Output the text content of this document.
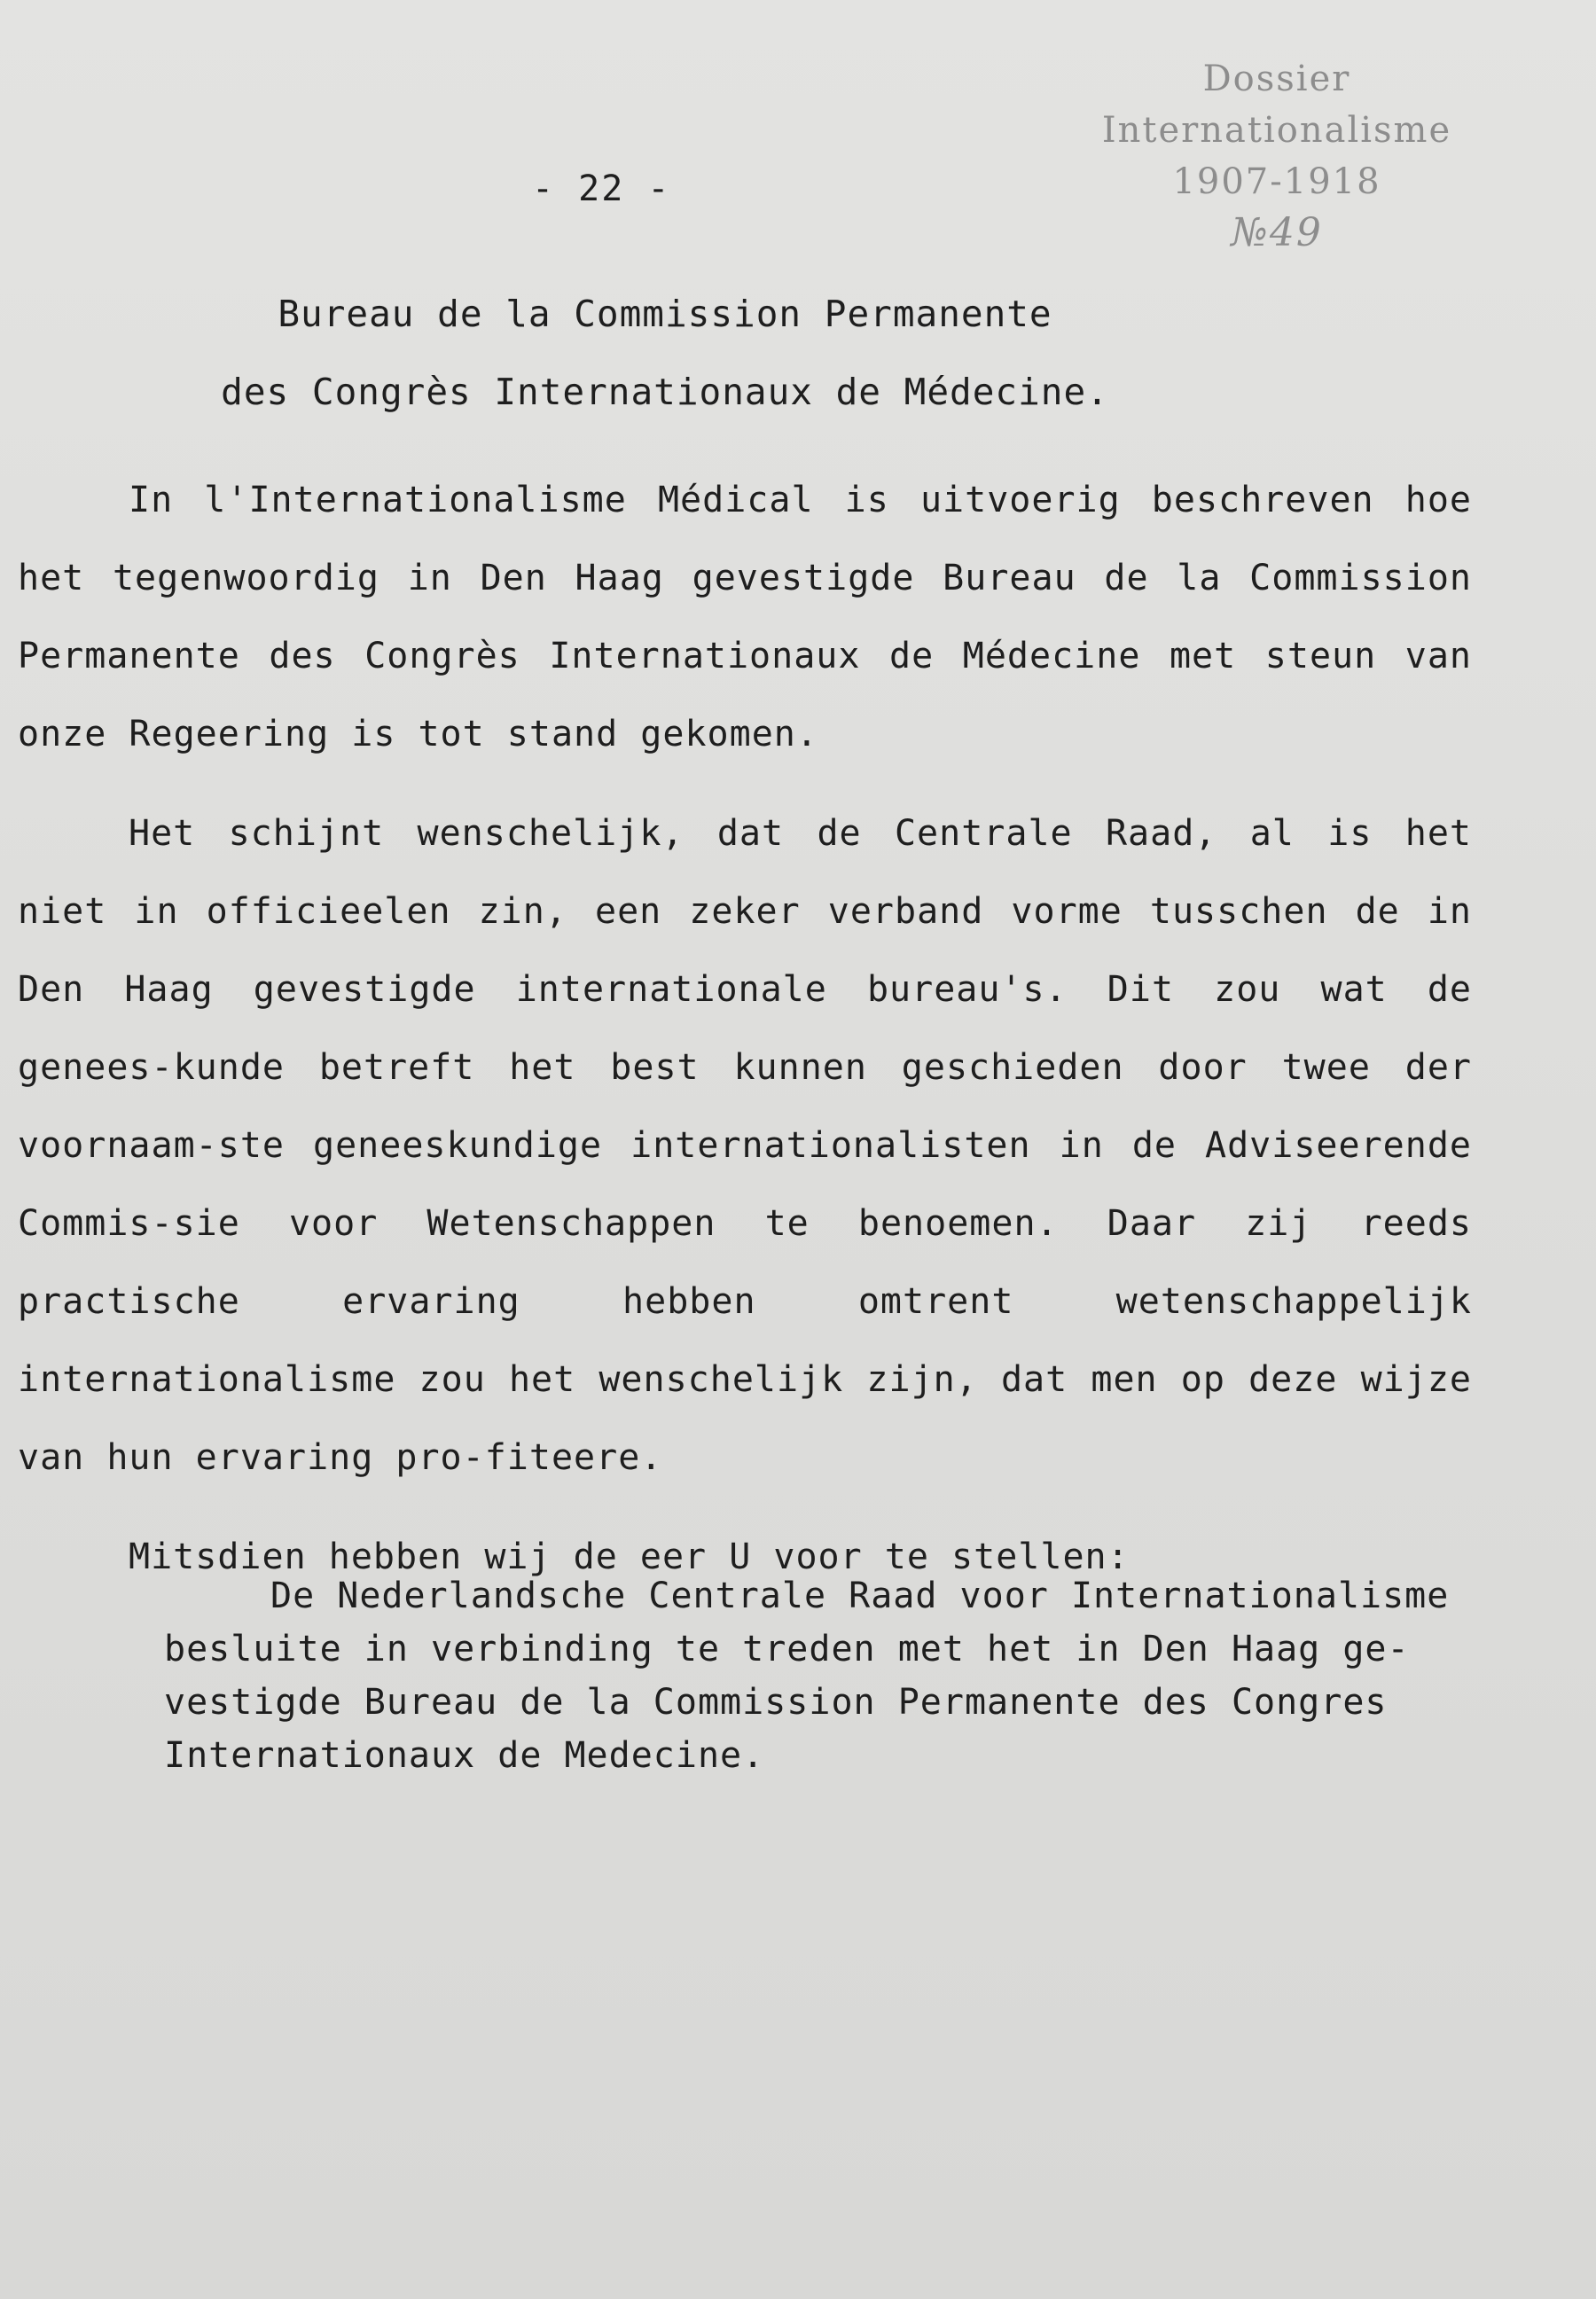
Dossier
Internationalisme
1907-1918
№49
- 22 -
Bureau de la Commission Permanente
des Congrès Internationaux de Médecine.

In l'Internationalisme Médical is uitvoerig beschreven hoe het tegenwoordig in Den Haag gevestigde Bureau de la Commission Permanente des Congrès Internationaux de Médecine met steun van onze Regeering is tot stand gekomen.

Het schijnt wenschelijk, dat de Centrale Raad, al is het niet in officieelen zin, een zeker verband vorme tusschen de in Den Haag gevestigde internationale bureau's. Dit zou wat de genees-kunde betreft het best kunnen geschieden door twee der voornaam-ste geneeskundige internationalisten in de Adviseerende Commis-sie voor Wetenschappen te benoemen. Daar zij reeds practische ervaring hebben omtrent wetenschappelijk internationalisme zou het wenschelijk zijn, dat men op deze wijze van hun ervaring pro-fiteere.

Mitsdien hebben wij de eer U voor te stellen:

De Nederlandsche Centrale Raad voor Internationalisme besluite in verbinding te treden met het in Den Haag ge-vestigde Bureau de la Commission Permanente des Congres Internationaux de Medecine.
